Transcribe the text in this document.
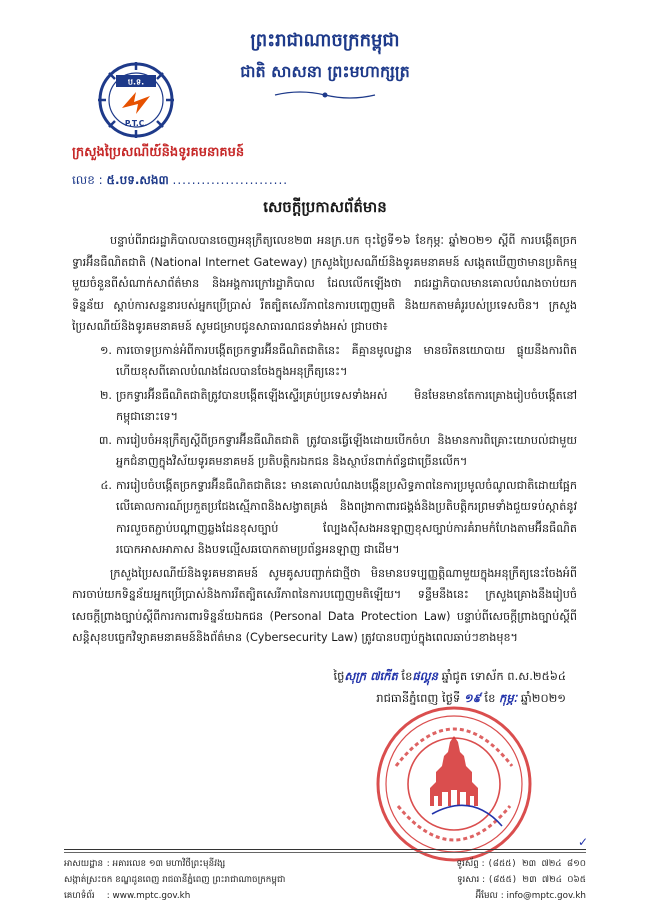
ព្រះរាជាណាចក្រកម្ពុជា
ជាតិ សាសនា ព្រះមហាក្សត្រ
ប.ទ.
P.T.C.
ក្រសួងប្រៃសណីយ៍និងទូរគមនាគមន៍
លេខ : ៥.បទ.សង៣ ........................
សេចក្តីប្រកាសព័ត៌មាន

បន្ទាប់ពីរាជរដ្ឋាភិបាលបានចេញអនុក្រឹត្យលេខ២៣ អនក្រ.បក ចុះថ្ងៃទី១៦ ខែកុម្ភៈ ឆ្នាំ២០២១ ស្តីពី ការបង្កើតច្រកទ្វារអ៊ីនធឺណិតជាតិ (National Internet Gateway) ក្រសួងប្រៃសណីយ៍និងទូរគមនាគមន៍ សង្កេតឃើញថាមានប្រតិកម្មមួយចំនួនពីសំណាក់សាព័ត៌មាន និងអង្គការក្រៅរដ្ឋាភិបាល ដែលលើកឡើងថា រាជរដ្ឋាភិបាលមានគោលបំណងចាប់យកទិន្នន័យ ស្តាប់ការសន្ទនារបស់អ្នកប្រើប្រាស់ រឹតត្បិតសេរីភាពនៃការបញ្ចេញមតិ និងយកតាមគំរូរបស់ប្រទេសចិន។ ក្រសួងប្រៃសណីយ៍និងទូរគមនាគមន៍ សូមជម្រាបជូនសាធារណជនទាំងអស់ ជ្រាបថា៖

១. ការចោទប្រកាន់អំពីការបង្កើតច្រកទ្វារអ៊ីនធឺណិតជាតិនេះ គឺគ្មានមូលដ្ឋាន មានចរិតនយោបាយ ផ្ទុយនឹងការពិត ហើយខុសពីគោលបំណងដែលបានចែងក្នុងអនុក្រឹត្យនេះ។
២. ច្រកទ្វារអ៊ីនធឺណិតជាតិត្រូវបានបង្កើតឡើងស្ទើរគ្រប់ប្រទេសទាំងអស់ មិនមែនមានតែការគ្រោងរៀបចំបង្កើតនៅកម្ពុជានោះទេ។
៣. ការរៀបចំអនុក្រឹត្យស្តីពីច្រកទ្វារអ៊ីនធឺណិតជាតិ ត្រូវបានធ្វើឡើងដោយបើកចំហ និងមានការពិគ្រោះយោបល់ជាមួយអ្នកជំនាញក្នុងវិស័យទូរគមនាគមន៍ ប្រតិបត្តិករឯកជន និងស្ថាប័នពាក់ព័ន្ធជាច្រើនលើក។
៤. ការរៀបចំបង្កើតច្រកទ្វារអ៊ីនធឺណិតជាតិនេះ មានគោលបំណងបង្កើនប្រសិទ្ធភាពនៃការប្រមូលចំណូលជាតិដោយផ្អែកលើគោលការណ៍ប្រកួតប្រជែងស្មើភាពនិងសង្វាតគ្រង់ និងពង្រាកាពារជង្គង់និងប្រតិបត្តិករព្រមទាំងជួយទប់ស្កាត់នូវការលួចតភ្ជាប់បណ្តាញឆ្លងដែនខុសច្បាប់ ល្បែងស៊ីសងអនឡាញខុសច្បាប់ការគំរាមកំហែងតាមអ៊ីនធឺណិត របោកអាសអាភាស និងបទល្មើសឆបោកតាមប្រព័ន្ធអនឡាញ ជាដើម។

ក្រសួងប្រៃសណីយ៍និងទូរគមនាគមន៍ សូមគូសបញ្ជាក់ជាថ្មីថា មិនមានបទប្បញ្ញត្តិណាមួយក្នុងអនុក្រឹត្យនេះចែងអំពីការចាប់យកទិន្នន័យអ្នកប្រើប្រាស់និងការរឹតត្បិតសេរីភាពនៃការបញ្ចេញមតិឡើយ។ ទន្ទឹមនឹងនេះ ក្រសួងគ្រោងនឹងរៀបចំសេចក្តីព្រាងច្បាប់ស្តីពីការការពារទិន្នន័យឯកជន (Personal Data Protection Law) បន្ទាប់ពីសេចក្តីព្រាងច្បាប់ស្តីពីសន្តិសុខបច្ចេកវិទ្យាគមនាគមន៍និងព័ត៌មាន (Cybersecurity Law) ត្រូវបានបញ្ចប់ក្នុងពេលឆាប់ៗខាងមុខ។

ថ្ងៃសុក្រ ៧កើត ខែផល្គុន ឆ្នាំជូត ទោស័ក ព.ស.២៥៦៤
រាជធានីភ្នំពេញ ថ្ងៃទី ១៩ ខែ កុម្ភៈ ឆ្នាំ២០២១
✓
អាសយដ្ឋាន : អគារលេខ ១៣ មហាវិថីព្រះមុនីវង្ស
សង្កាត់ស្រះចក ខណ្ឌដូនពេញ រាជធានីភ្នំពេញ ព្រះរាជាណាចក្រកម្ពុជា
គេហទំព័រ : www.mptc.gov.kh
ទូរស័ព្ទ : (៨៥៥) ២៣ ៧២៤ ៨១០
ទូរសារ : (៨៥៥) ២៣ ៧២៤ ០៦៥
អ៊ីមែល : info@mptc.gov.kh
